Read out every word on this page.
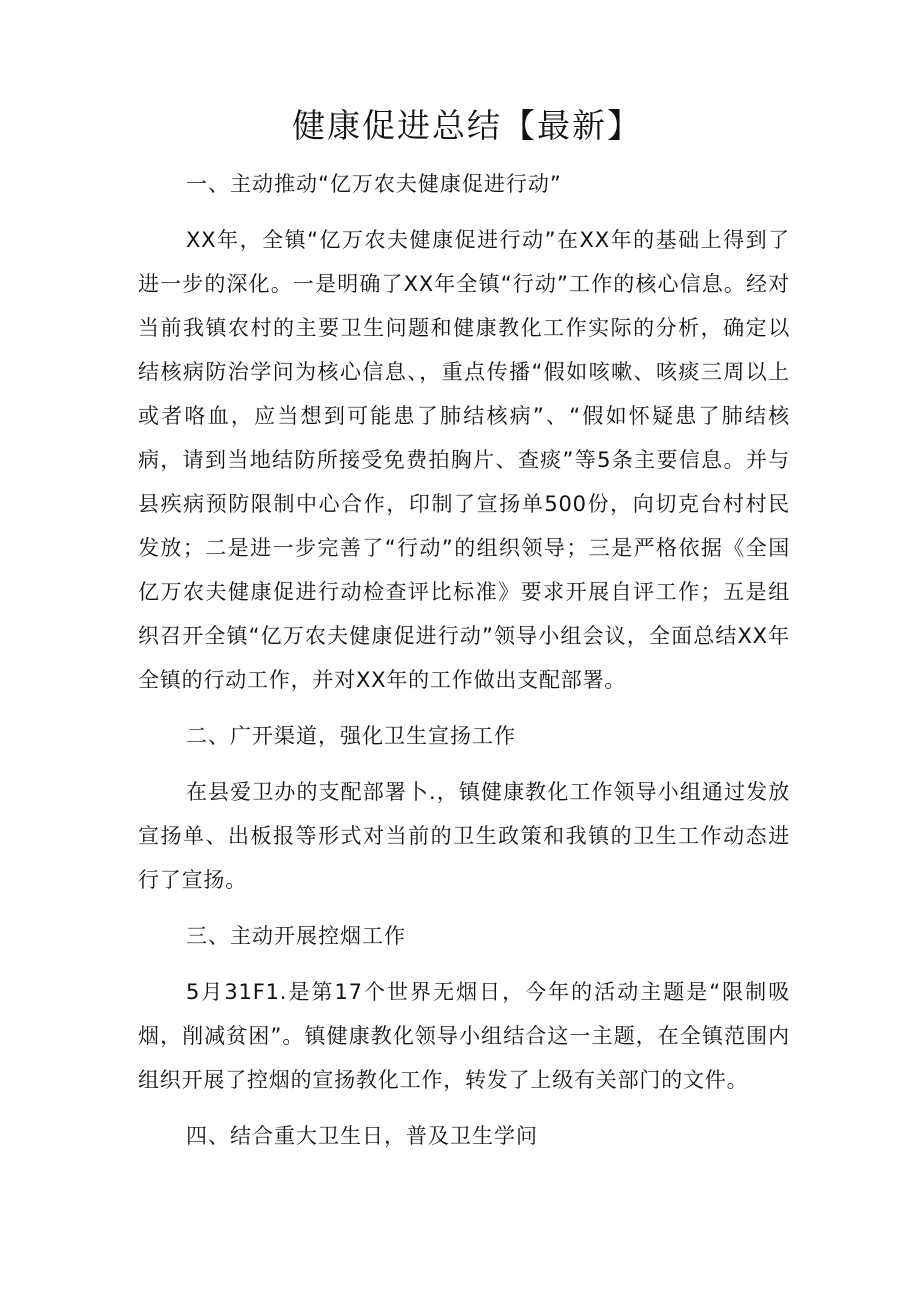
健康促进总结【最新】

一、主动推动“亿万农夫健康促进行动”

XX年，全镇“亿万农夫健康促进行动”在XX年的基础上得到了进一步的深化。一是明确了XX年全镇“行动”工作的核心信息。经对当前我镇农村的主要卫生问题和健康教化工作实际的分析，确定以结核病防治学问为核心信息、，重点传播“假如咳嗽、咳痰三周以上或者咯血，应当想到可能患了肺结核病”、“假如怀疑患了肺结核病，请到当地结防所接受免费拍胸片、查痰”等5条主要信息。并与县疾病预防限制中心合作，印制了宣扬单500份，向切克台村村民发放；二是进一步完善了“行动”的组织领导；三是严格依据《全国亿万农夫健康促进行动检查评比标准》要求开展自评工作；五是组织召开全镇“亿万农夫健康促进行动”领导小组会议，全面总结XX年全镇的行动工作，并对XX年的工作做出支配部署。

二、广开渠道，强化卫生宣扬工作

在县爱卫办的支配部署卜.，镇健康教化工作领导小组通过发放宣扬单、出板报等形式对当前的卫生政策和我镇的卫生工作动态进行了宣扬。

三、主动开展控烟工作

5月31F1.是第17个世界无烟日，今年的活动主题是“限制吸烟，削减贫困”。镇健康教化领导小组结合这一主题，在全镇范围内组织开展了控烟的宣扬教化工作，转发了上级有关部门的文件。

四、结合重大卫生日，普及卫生学问
